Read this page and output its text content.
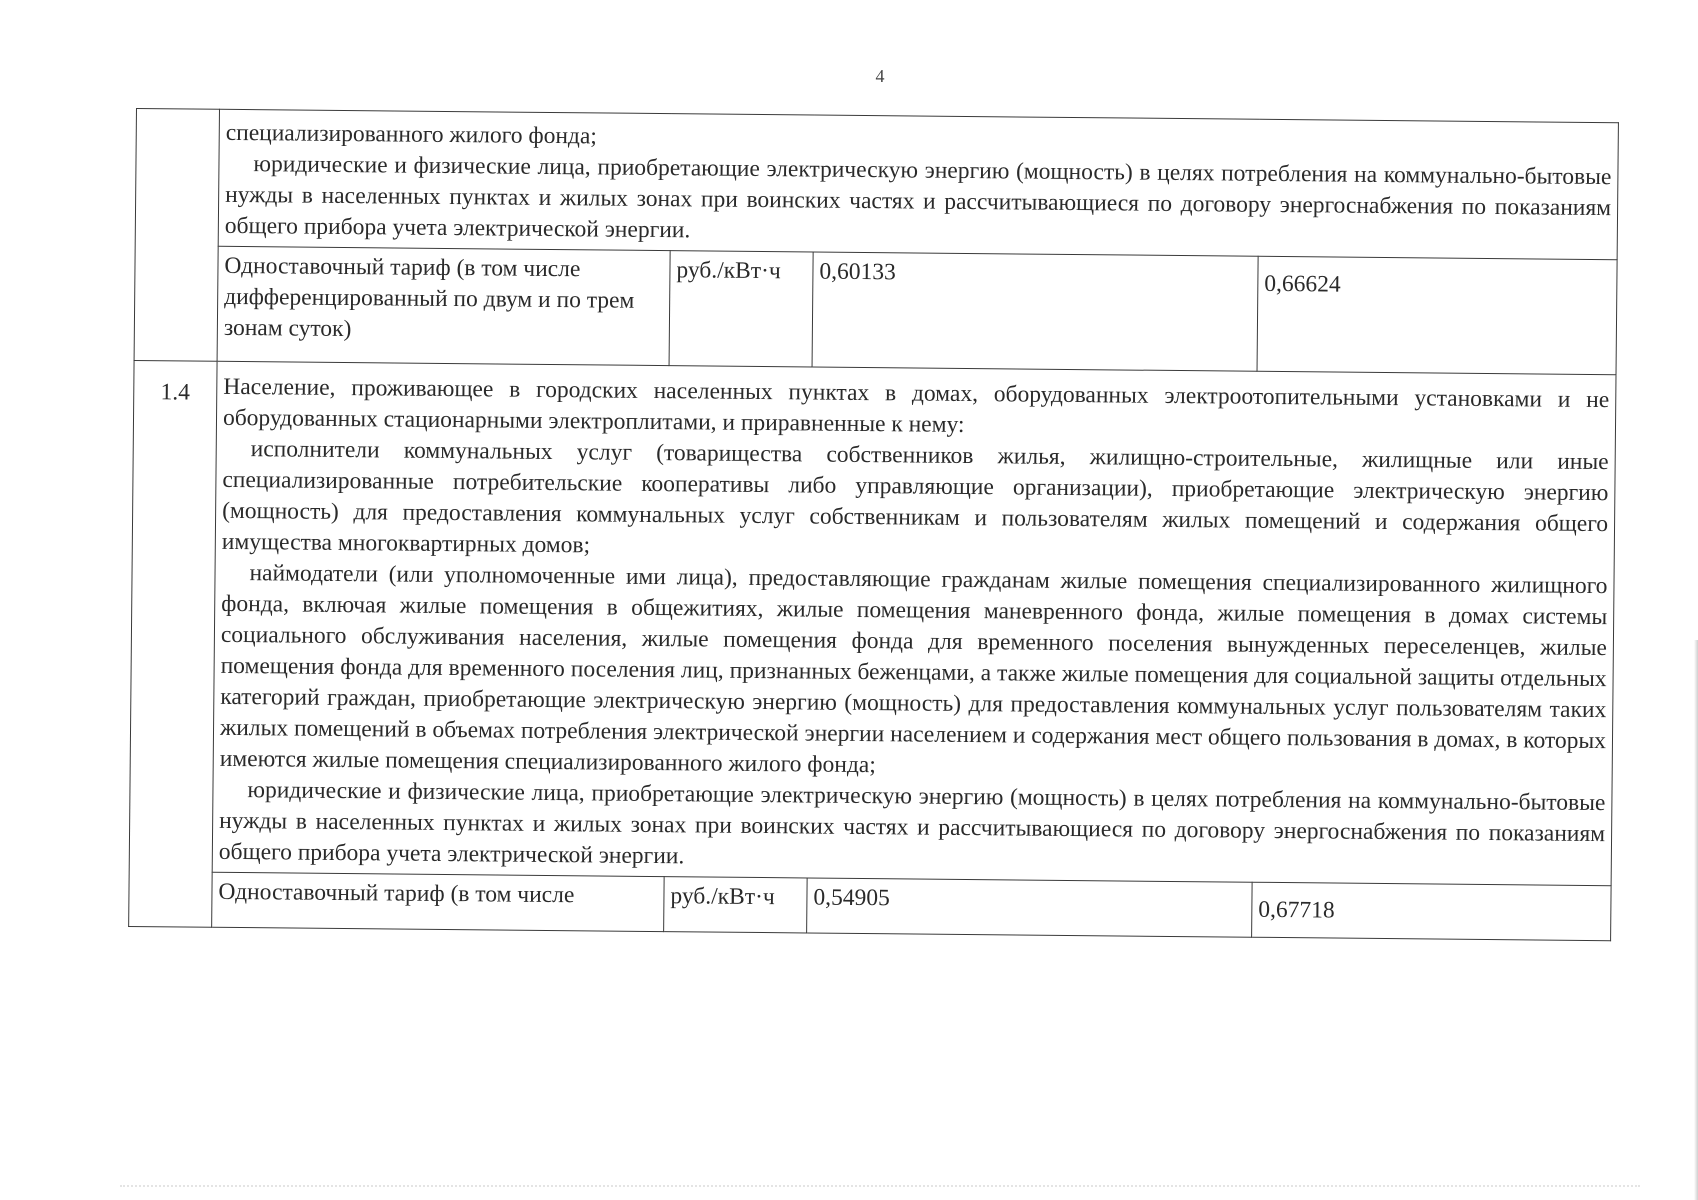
4

	специализированного жилого фонда;

юридические и физические лица, приобретающие электрическую энергию (мощность) в целях потребления на коммунально-бытовые нужды в населенных пунктах и жилых зонах при воинских частях и рассчитывающиеся по договору энергоснабжения по показаниям общего прибора учета электрической энергии.			

	Одноставочный тариф (в том числе дифференцированный по двум и по трем зонам суток)	руб./кВт·ч	0,60133	0,66624
1.4	Население, проживающее в городских населенных пунктах в домах, оборудованных электроотопительными установками и не оборудованных стационарными электроплитами, и приравненные к нему:

исполнители коммунальных услуг (товарищества собственников жилья, жилищно-строительные, жилищные или иные специализированные потребительские кооперативы либо управляющие организации), приобретающие электрическую энергию (мощность) для предоставления коммунальных услуг собственникам и пользователям жилых помещений и содержания общего имущества многоквартирных домов;

наймодатели (или уполномоченные ими лица), предоставляющие гражданам жилые помещения специализированного жилищного фонда, включая жилые помещения в общежитиях, жилые помещения маневренного фонда, жилые помещения в домах системы социального обслуживания населения, жилые помещения фонда для временного поселения вынужденных переселенцев, жилые помещения фонда для временного поселения лиц, признанных беженцами, а также жилые помещения для социальной защиты отдельных категорий граждан, приобретающие электрическую энергию (мощность) для предоставления коммунальных услуг пользователям таких жилых помещений в объемах потребления электрической энергии населением и содержания мест общего пользования в домах, в которых имеются жилые помещения специализированного жилого фонда;

юридические и физические лица, приобретающие электрическую энергию (мощность) в целях потребления на коммунально-бытовые нужды в населенных пунктах и жилых зонах при воинских частях и рассчитывающиеся по договору энергоснабжения по показаниям общего прибора учета электрической энергии.			

	Одноставочный тариф (в том числе	руб./кВт·ч	0,54905	0,67718
